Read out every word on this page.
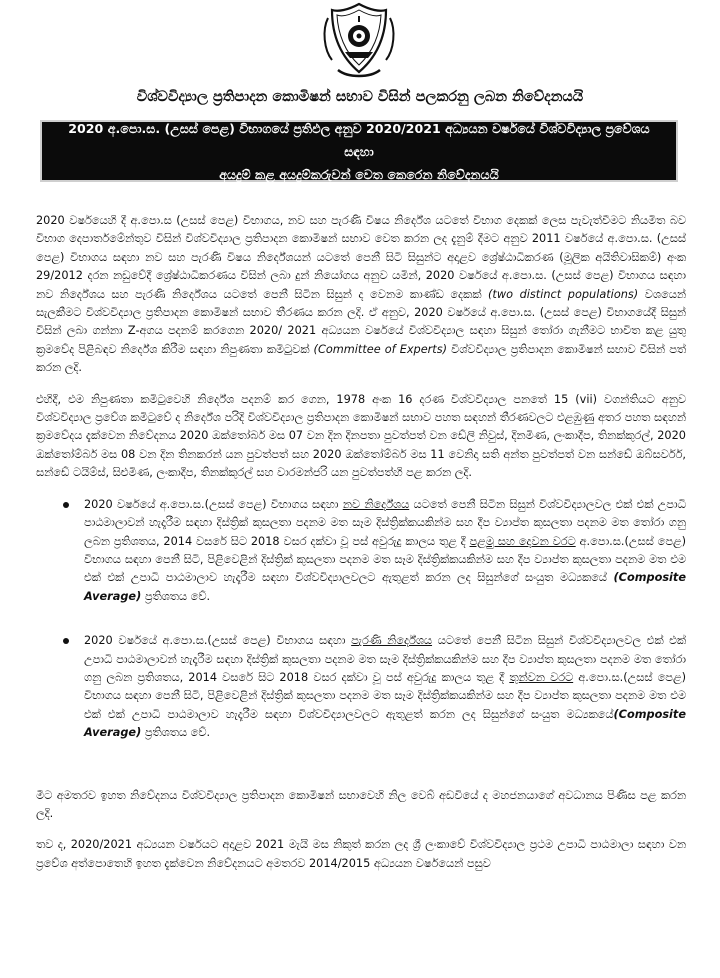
විශ්වවිද්‍යාල ප්‍රතිපාදන කොමිෂන් සභාව විසින් පලකරනු ලබන නිවේදනයයි

2020 අ.පො.ස. (උසස් පෙළ) විභාගයේ ප්‍රතිඵල අනුව 2020/2021 අධ්‍යයන වර්ෂයේ විශ්වවිද්‍යාල ප්‍රවේශය සඳහා
අයදුම් කළ අයදුම්කරුවන් වෙත කෙරෙන නිවේදනයයි

2020 වර්ෂයෙහි දී අ.පො.ස (උසස් පෙළ) විභාගය, නව සහ පැරණි විෂය නිර්දේශ යටතේ විභාග දෙකක් ලෙස පැවැත්වීමට නියමිත බව විභාග දෙපාර්තමේන්තුව විසින් විශ්වවිද්‍යාල ප්‍රතිපාදන කොමිෂන් සභාව වෙත කරන ලද දැනුම් දීමට අනුව 2011 වර්ෂයේ අ.පො.ස. (උසස් පෙළ) විභාගය සඳහා නව සහ පැරණි විෂය නිර්දේශයන් යටතේ පෙනී සිටි සිසුන්ට අදාළව ශ්‍රේෂ්ඨාධිකරණ (මූලික අයිතිවාසිකම්) අංක 29/2012 දරන නඩුවේදී ශ්‍රේෂ්ඨාධිකරණය විසින් ලබා දුන් නියෝගය අනුව යමින්, 2020 වර්ෂයේ අ.පො.ස. (උසස් පෙළ) විභාගය සඳහා නව නිර්දේශය සහ පැරණි නිර්දේශය යටතේ පෙනී සිටින සිසුන් ද වෙනම කාණ්ඩ දෙකක් (two distinct populations) වශයෙන් සැලකීමට විශ්වවිද්‍යාල ප්‍රතිපාදන කොමිෂන් සභාව තීරණය කරන ලදි. ඒ අනුව, 2020 වර්ෂයේ අ.පො.ස. (උසස් පෙළ) විභාගයේදී සිසුන් විසින් ලබා ගන්නා Z-අගය පදනම් කරගෙන 2020/ 2021 අධ්‍යයන වර්ෂයේ විශ්වවිද්‍යාල සඳහා සිසුන් තෝරා ගැනීමට භාවිත කළ යුතු ක්‍රමවේද පිළිබඳව නිර්දේශ කිරීම සඳහා නිපුණතා කමිටුවක් (Committee of Experts) විශ්වවිද්‍යාල ප්‍රතිපාදන කොමිෂන් සභාව විසින් පත් කරන ලදි.

එහිදී, එම නිපුණතා කමිටුවෙහි නිර්දේශ පදනම් කර ගෙන, 1978 අංක 16 දරණ විශ්වවිද්‍යාල පනතේ 15 (vii) වගන්තියට අනුව විශ්වවිද්‍යාල ප්‍රවේශ කමිටුවේ ද නිර්දේශ පරිදි විශ්වවිද්‍යාල ප්‍රතිපාදන කොමිෂන් සභාව පහත සඳහන් තීරණවලට එළඹුණු අතර පහත සඳහන් ක්‍රමවේදය දැක්වෙන නිවේදනය 2020 ඔක්තෝබර් මස 07 වන දින දිනපතා පුවත්පත් වන ඩේලි නිවුස්, දිනමිණ, ලංකාදීප, තිනක්කුරල්, 2020 ඔක්තෝම්බර් මස 08 වන දින තිනකරන් යන පුවත්පත් සහ 2020 ඔක්තෝම්බර් මස 11 වෙනිදා සති අන්ත පුවත්පත් වන සන්ඩේ ඔබ්සර්වර්, සන්ඩේ ටයිම්ස්, සිළුමිණ, ලංකාදීප, තිනක්කුරල් සහ වාරමන්ජරි යන පුවත්පත්හි පළ කරන ලදි.

2020 වර්ෂයේ අ.පො.ස.(උසස් පෙළ) විභාගය සඳහා නව නිර්දේශය යටතේ පෙනී සිටින සිසුන් විශ්වවිද්‍යාලවල එක් එක් උපාධි පාඨමාලාවන් හැදෑරීම සඳහා දිස්ත්‍රික් කුසලතා පදනම මත සෑම දිස්ත්‍රික්කයකින්ම සහ දීප ව්‍යාප්ත කුසලතා පදනම මත තෝරා ගනු ලබන ප්‍රතිශතය, 2014 වසරේ සිට 2018 වසර දක්වා වූ පස් අවුරුදු කාලය තුළ දී පළමු සහ දෙවන වරට අ.පො.ස.(උසස් පෙළ) විභාගය සඳහා පෙනී සිටි, පිළිවෙළින් දිස්ත්‍රික් කුසලතා පදනම මත සෑම දිස්ත්‍රික්කයකින්ම සහ දීප ව්‍යාප්ත කුසලතා පදනම මත එම එක් එක් උපාධි පාඨමාලාව හැදෑරීම සඳහා විශ්වවිද්‍යාලවලට ඇතුළත් කරන ලද සිසුන්ගේ සංයුත මධ්‍යකයේ (Composite Average) ප්‍රතිශතය වේ.
2020 වර්ෂයේ අ.පො.ස.(උසස් පෙළ) විභාගය සඳහා පැරණි නිර්දේශය යටතේ පෙනී සිටින සිසුන් විශ්වවිද්‍යාලවල එක් එක් උපාධි පාඨමාලාවන් හැදෑරීම සඳහා දිස්ත්‍රික් කුසලතා පදනම මත සෑම දිස්ත්‍රික්කයකින්ම සහ දීප ව්‍යාප්ත කුසලතා පදනම මත තෝරා ගනු ලබන ප්‍රතිශතය, 2014 වසරේ සිට 2018 වසර දක්වා වූ පස් අවුරුදු කාලය තුළ දී තුන්වන වරට අ.පො.ස.(උසස් පෙළ) විභාගය සඳහා පෙනී සිටි, පිළිවෙළින් දිස්ත්‍රික් කුසලතා පදනම මත සෑම දිස්ත්‍රික්කයකින්ම සහ දීප ව්‍යාප්ත කුසලතා පදනම මත එම එක් එක් උපාධි පාඨමාලාව හැදෑරීම සඳහා විශ්වවිද්‍යාලවලට ඇතුළත් කරන ලද සිසුන්ගේ සංයුත මධ්‍යකයේ(Composite Average) ප්‍රතිශතය වේ.

මීට අමතරව ඉහත නිවේදනය විශ්වවිද්‍යාල ප්‍රතිපාදන කොමිෂන් සභාවෙහි නිල වෙබ් අඩවියේ ද මහජනයාගේ අවධානය පිණිස පළ කරන ලදි.

තව ද, 2020/2021 අධ්‍යයන වර්ෂයට අදාළව 2021 මැයි මස නිකුත් කරන ලද ශ්‍රී ලංකාවේ විශ්වවිද්‍යාල ප්‍රථම උපාධි පාඨමාලා සඳහා වන ප්‍රවේශ අත්පොතෙහි ඉහත දැක්වෙන නිවේදනයට අමතරව 2014/2015 අධ්‍යයන වර්ෂයෙන් පසුව
